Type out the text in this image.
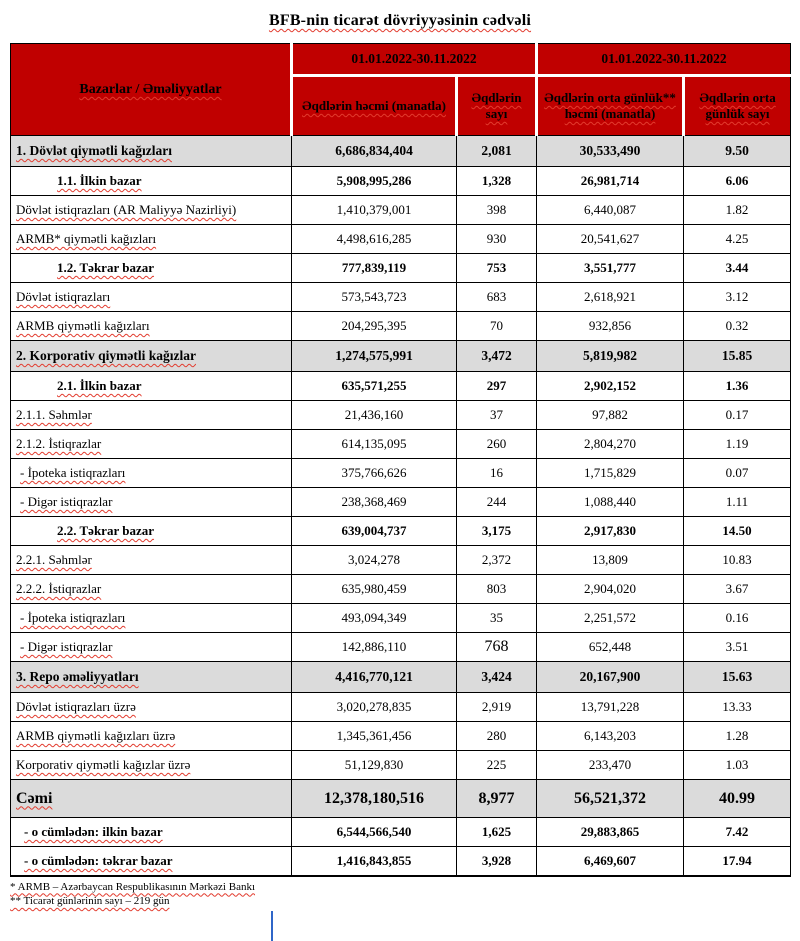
BFB-nin ticarət dövriyyəsinin cədvəli
Bazarlar / Əməliyyatlar	01.01.2022-30.11.2022		01.01.2022-30.11.2022	
	Əqdlərin həcmi (manatla)	Əqdlərin sayı	Əqdlərin orta günlük** həcmi (manatla)	Əqdlərin orta günlük sayı
1. Dövlət qiymətli kağızları	6,686,834,404	2,081	30,533,490	9.50
1.1. İlkin bazar	5,908,995,286	1,328	26,981,714	6.06
Dövlət istiqrazları (AR Maliyyə Nazirliyi)	1,410,379,001	398	6,440,087	1.82
ARMB* qiymətli kağızları	4,498,616,285	930	20,541,627	4.25
1.2. Təkrar bazar	777,839,119	753	3,551,777	3.44
Dövlət istiqrazları	573,543,723	683	2,618,921	3.12
ARMB qiymətli kağızları	204,295,395	70	932,856	0.32
2. Korporativ qiymətli kağızlar	1,274,575,991	3,472	5,819,982	15.85
2.1. İlkin bazar	635,571,255	297	2,902,152	1.36
2.1.1. Səhmlər	21,436,160	37	97,882	0.17
2.1.2. İstiqrazlar	614,135,095	260	2,804,270	1.19
- İpoteka istiqrazları	375,766,626	16	1,715,829	0.07
- Digər istiqrazlar	238,368,469	244	1,088,440	1.11
2.2. Təkrar bazar	639,004,737	3,175	2,917,830	14.50
2.2.1. Səhmlər	3,024,278	2,372	13,809	10.83
2.2.2. İstiqrazlar	635,980,459	803	2,904,020	3.67
- İpoteka istiqrazları	493,094,349	35	2,251,572	0.16
- Digər istiqrazlar	142,886,110	768	652,448	3.51
3. Repo əməliyyatları	4,416,770,121	3,424	20,167,900	15.63
Dövlət istiqrazları üzrə	3,020,278,835	2,919	13,791,228	13.33
ARMB qiymətli kağızları üzrə	1,345,361,456	280	6,143,203	1.28
Korporativ qiymətli kağızlar üzrə	51,129,830	225	233,470	1.03
Cəmi	12,378,180,516	8,977	56,521,372	40.99
- o cümlədən: ilkin bazar	6,544,566,540	1,625	29,883,865	7.42
- o cümlədən: təkrar bazar	1,416,843,855	3,928	6,469,607	17.94
* ARMB – Azərbaycan Respublikasının Mərkəzi Bankı
** Ticarət günlərinin sayı – 219 gün
